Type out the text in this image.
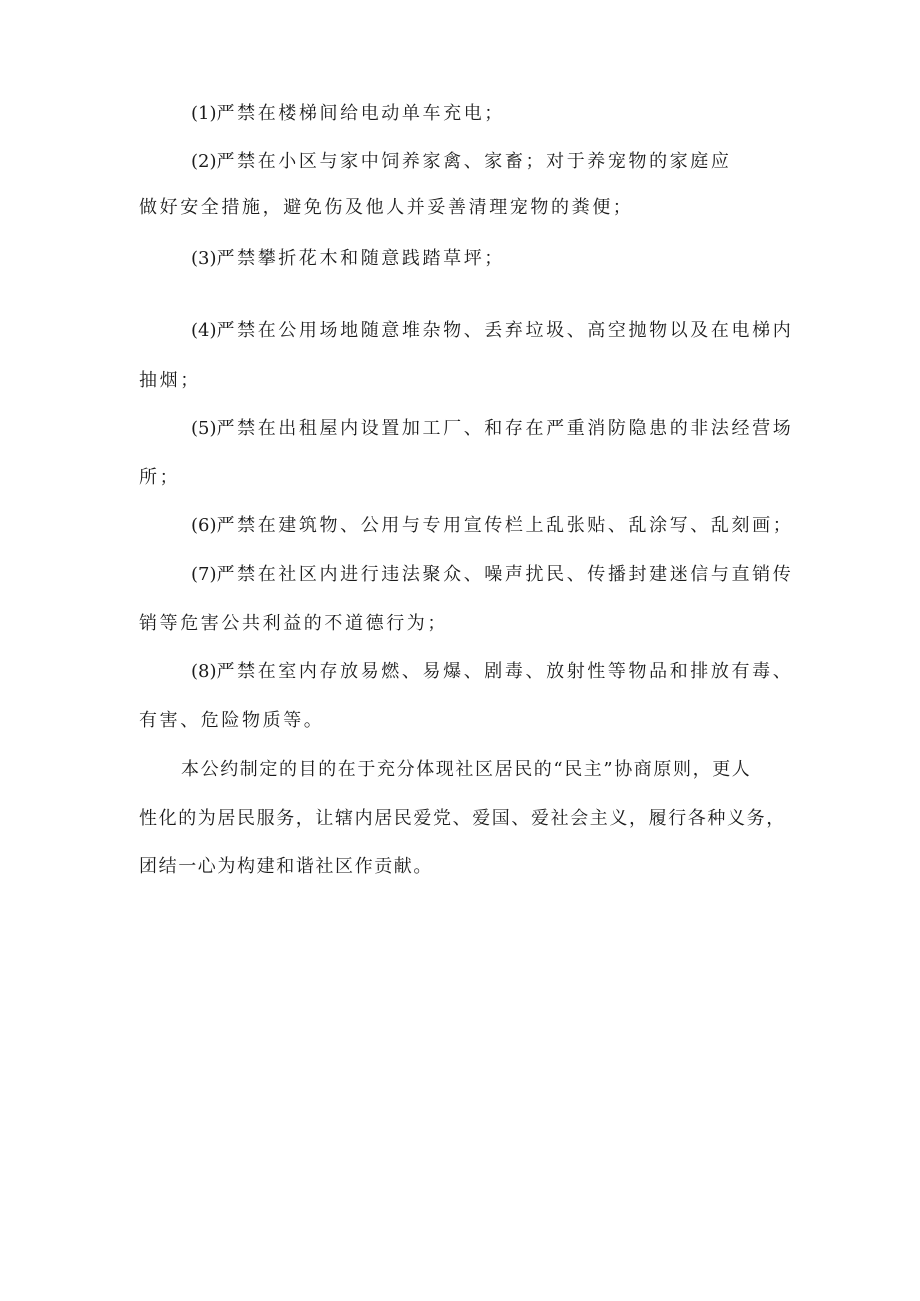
(1)严禁在楼梯间给电动单车充电；
(2)严禁在小区与家中饲养家禽、家畜；对于养宠物的家庭应
做好安全措施，避免伤及他人并妥善清理宠物的粪便；
(3)严禁攀折花木和随意践踏草坪；
(4)严禁在公用场地随意堆杂物、丢弃垃圾、高空抛物以及在电梯内
抽烟；
(5)严禁在出租屋内设置加工厂、和存在严重消防隐患的非法经营场
所；
(6)严禁在建筑物、公用与专用宣传栏上乱张贴、乱涂写、乱刻画；
(7)严禁在社区内进行违法聚众、噪声扰民、传播封建迷信与直销传
销等危害公共利益的不道德行为；
(8)严禁在室内存放易燃、易爆、剧毒、放射性等物品和排放有毒、
有害、危险物质等。
本公约制定的目的在于充分体现社区居民的“民主”协商原则，更人
性化的为居民服务，让辖内居民爱党、爱国、爱社会主义，履行各种义务，
团结一心为构建和谐社区作贡献。
